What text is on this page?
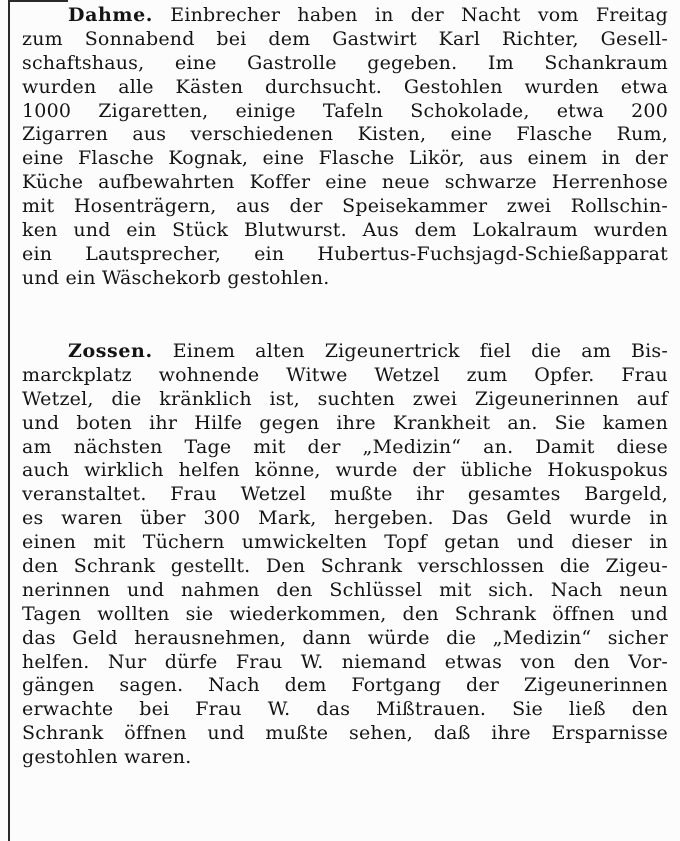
Dahme. Einbrecher haben in der Nacht vom Freitag
zum Sonnabend bei dem Gastwirt Karl Richter, Gesell-
schaftshaus, eine Gastrolle gegeben. Im Schankraum
wurden alle Kästen durchsucht. Gestohlen wurden etwa
1000 Zigaretten, einige Tafeln Schokolade, etwa 200
Zigarren aus verschiedenen Kisten, eine Flasche Rum,
eine Flasche Kognak, eine Flasche Likör, aus einem in der
Küche aufbewahrten Koffer eine neue schwarze Herrenhose
mit Hosenträgern, aus der Speisekammer zwei Rollschin-
ken und ein Stück Blutwurst. Aus dem Lokalraum wurden
ein Lautsprecher, ein Hubertus-Fuchsjagd-Schießapparat
und ein Wäschekorb gestohlen.
Zossen. Einem alten Zigeunertrick fiel die am Bis-
marckplatz wohnende Witwe Wetzel zum Opfer. Frau
Wetzel, die kränklich ist, suchten zwei Zigeunerinnen auf
und boten ihr Hilfe gegen ihre Krankheit an. Sie kamen
am nächsten Tage mit der „Medizin“ an. Damit diese
auch wirklich helfen könne, wurde der übliche Hokuspokus
veranstaltet. Frau Wetzel mußte ihr gesamtes Bargeld,
es waren über 300 Mark, hergeben. Das Geld wurde in
einen mit Tüchern umwickelten Topf getan und dieser in
den Schrank gestellt. Den Schrank verschlossen die Zigeu-
nerinnen und nahmen den Schlüssel mit sich. Nach neun
Tagen wollten sie wiederkommen, den Schrank öffnen und
das Geld herausnehmen, dann würde die „Medizin“ sicher
helfen. Nur dürfe Frau W. niemand etwas von den Vor-
gängen sagen. Nach dem Fortgang der Zigeunerinnen
erwachte bei Frau W. das Mißtrauen. Sie ließ den
Schrank öffnen und mußte sehen, daß ihre Ersparnisse
gestohlen waren.
